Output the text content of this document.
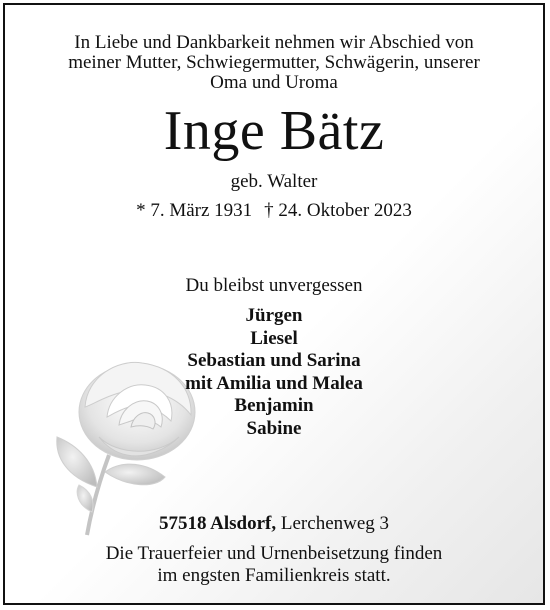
In Liebe und Dankbarkeit nehmen wir Abschied von
meiner Mutter, Schwiegermutter, Schwägerin, unserer
Oma und Uroma
Inge Bätz
geb. Walter
* 7. März 1931 † 24. Oktober 2023
Du bleibst unvergessen
Jürgen
Liesel
Sebastian und Sarina
mit Amilia und Malea
Benjamin
Sabine
57518 Alsdorf, Lerchenweg 3
Die Trauerfeier und Urnenbeisetzung finden
im engsten Familienkreis statt.
